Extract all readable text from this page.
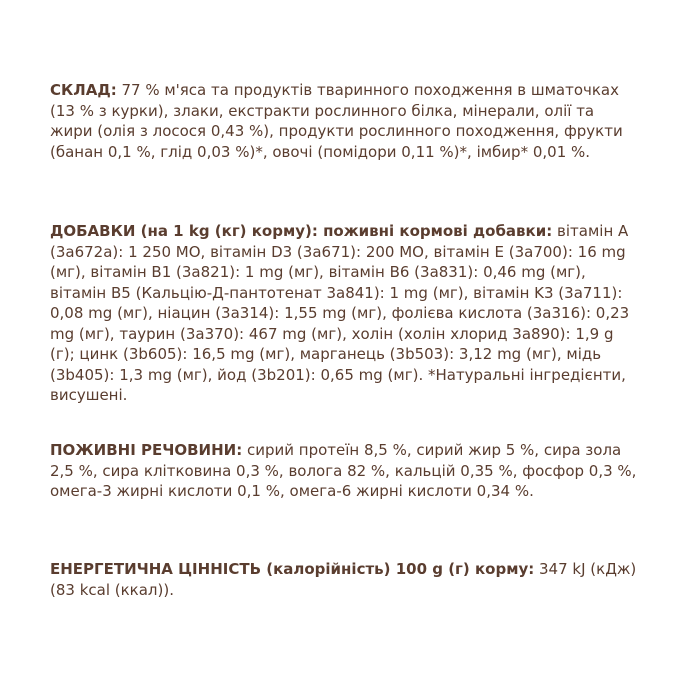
СКЛАД: 77 % м'яса та продуктів тваринного походження в шматочках (13 % з курки), злаки, екстракти рослинного білка, мінерали, олії та жири (олія з лосося 0,43 %), продукти рослинного походження, фрукти (банан 0,1 %, глід 0,03 %)*, овочі (помідори 0,11 %)*, імбир* 0,01 %.

ДОБАВКИ (на 1 kg (кг) корму): поживні кормові добавки: вітамін A (3a672a): 1 250 МО, вітамін D3 (3a671): 200 МО, вітамін E (3a700): 16 mg (мг), вітамін B1 (3a821): 1 mg (мг), вітамін B6 (3a831): 0,46 mg (мг), вітамін B5 (Кальцію-Д-пантотенат 3a841): 1 mg (мг), вітамін K3 (3a711): 0,08 mg (мг), ніацин (3a314): 1,55 mg (мг), фолієва кислота (3a316): 0,23 mg (мг), таурин (3a370): 467 mg (мг), холін (холін хлорид 3a890): 1,9 g (г); цинк (3b605): 16,5 mg (мг), марганець (3b503): 3,12 mg (мг), мідь (3b405): 1,3 mg (мг), йод (3b201): 0,65 mg (мг). *Натуральні інгредієнти, висушені.

ПОЖИВНІ РЕЧОВИНИ: сирий протеїн 8,5 %, сирий жир 5 %, сира зола 2,5 %, сира клітковина 0,3 %, волога 82 %, кальцій 0,35 %, фосфор 0,3 %, омега-3 жирні кислоти 0,1 %, омега-6 жирні кислоти 0,34 %.

ЕНЕРГЕТИЧНА ЦІННІСТЬ (калорійність) 100 g (г) корму: 347 kJ (кДж) (83 kcal (ккал)).
